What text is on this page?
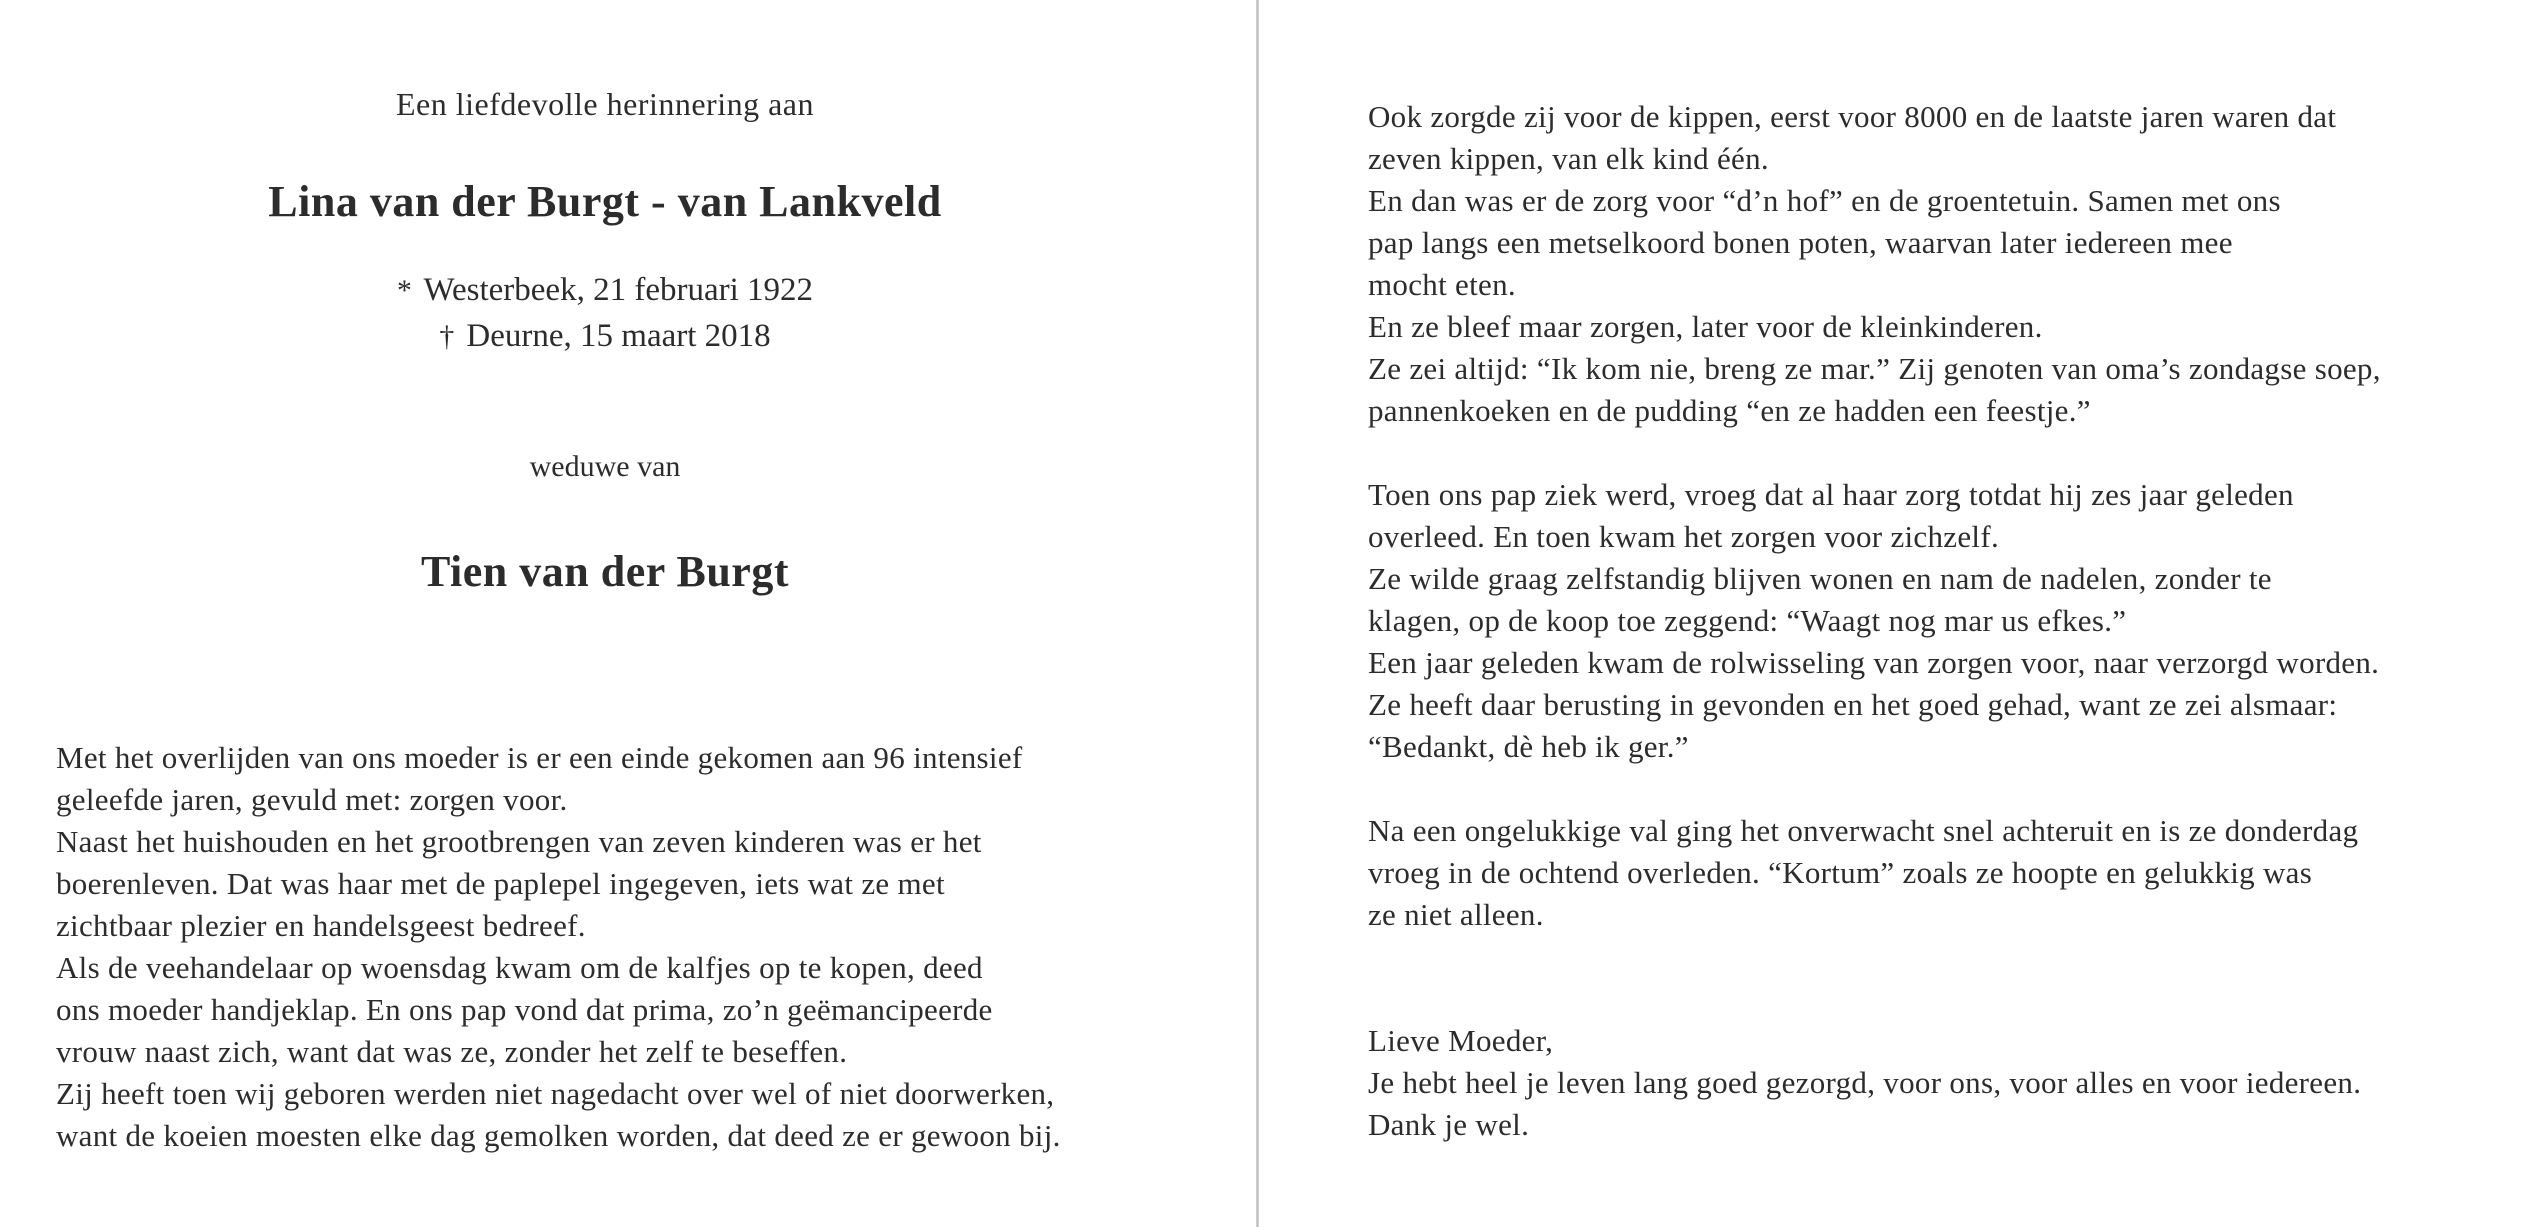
Een liefdevolle herinnering aan
Lina van der Burgt - van Lankveld
* Westerbeek, 21 februari 1922
† Deurne, 15 maart 2018
weduwe van
Tien van der Burgt

Met het overlijden van ons moeder is er een einde gekomen aan 96 intensief

geleefde jaren, gevuld met: zorgen voor.

Naast het huishouden en het grootbrengen van zeven kinderen was er het

boerenleven. Dat was haar met de paplepel ingegeven, iets wat ze met

zichtbaar plezier en handelsgeest bedreef.

Als de veehandelaar op woensdag kwam om de kalfjes op te kopen, deed

ons moeder handjeklap. En ons pap vond dat prima, zo’n geëmancipeerde

vrouw naast zich, want dat was ze, zonder het zelf te beseffen.

Zij heeft toen wij geboren werden niet nagedacht over wel of niet doorwerken,

want de koeien moesten elke dag gemolken worden, dat deed ze er gewoon bij.

Ook zorgde zij voor de kippen, eerst voor 8000 en de laatste jaren waren dat

zeven kippen, van elk kind één.

En dan was er de zorg voor “d’n hof” en de groentetuin. Samen met ons

pap langs een metselkoord bonen poten, waarvan later iedereen mee

mocht eten.

En ze bleef maar zorgen, later voor de kleinkinderen.

Ze zei altijd: “Ik kom nie, breng ze mar.” Zij genoten van oma’s zondagse soep,

pannenkoeken en de pudding “en ze hadden een feestje.”

Toen ons pap ziek werd, vroeg dat al haar zorg totdat hij zes jaar geleden

overleed. En toen kwam het zorgen voor zichzelf.

Ze wilde graag zelfstandig blijven wonen en nam de nadelen, zonder te

klagen, op de koop toe zeggend: “Waagt nog mar us efkes.”

Een jaar geleden kwam de rolwisseling van zorgen voor, naar verzorgd worden.

Ze heeft daar berusting in gevonden en het goed gehad, want ze zei alsmaar:

“Bedankt, dè heb ik ger.”

Na een ongelukkige val ging het onverwacht snel achteruit en is ze donderdag

vroeg in de ochtend overleden. “Kortum” zoals ze hoopte en gelukkig was

ze niet alleen.

Lieve Moeder,

Je hebt heel je leven lang goed gezorgd, voor ons, voor alles en voor iedereen.

Dank je wel.
